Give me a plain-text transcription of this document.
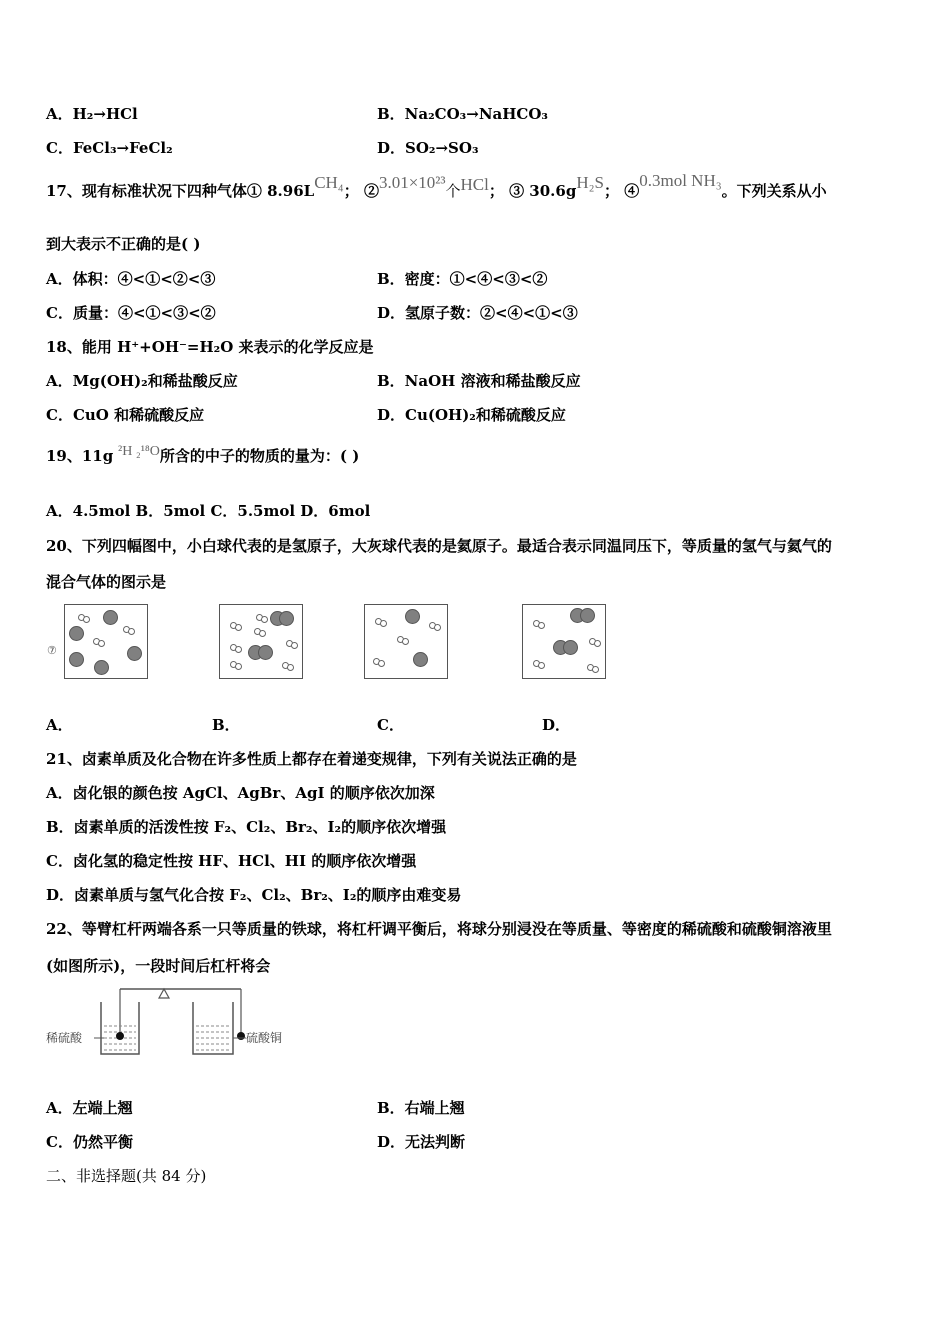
A．H₂→HCl	B．Na₂CO₃→NaHCO₃
C．FeCl₃→FeCl₂	D．SO₂→SO₃
17、现有标准状况下四种气体① 8.96LCH₄； ②3.01×10²³个HCl； ③ 30.6gH₂S； ④0.3mol NH₃。下列关系从小
到大表示不正确的是( )
A．体积：④<①<②<③	B．密度：①<④<③<②
C．质量：④<①<③<②	D．氢原子数：②<④<①<③
18、能用 H⁺+OH⁻=H₂O 来表示的化学反应是
A．Mg(OH)₂和稀盐酸反应	B．NaOH 溶液和稀盐酸反应
C．CuO 和稀硫酸反应	D．Cu(OH)₂和稀硫酸反应
19、11g ²H ₂¹⁸O所含的中子的物质的量为：( )
A．4.5mol B．5mol C．5.5mol D．6mol
20、下列四幅图中，小白球代表的是氢原子，大灰球代表的是氦原子。最适合表示同温同压下，等质量的氢气与氦气的
混合气体的图示是
⑦
A．	B．	C．	D．
21、卤素单质及化合物在许多性质上都存在着递变规律，下列有关说法正确的是
A．卤化银的颜色按 AgCl、AgBr、AgI 的顺序依次加深
B．卤素单质的活泼性按 F₂、Cl₂、Br₂、I₂的顺序依次增强
C．卤化氢的稳定性按 HF、HCl、HI 的顺序依次增强
D．卤素单质与氢气化合按 F₂、Cl₂、Br₂、I₂的顺序由难变易
22、等臂杠杆两端各系一只等质量的铁球，将杠杆调平衡后，将球分别浸没在等质量、等密度的稀硫酸和硫酸铜溶液里
(如图所示)，一段时间后杠杆将会
稀硫酸	硫酸铜
A．左端上翘	B．右端上翘
C．仍然平衡	D．无法判断
二、非选择题(共 84 分)
